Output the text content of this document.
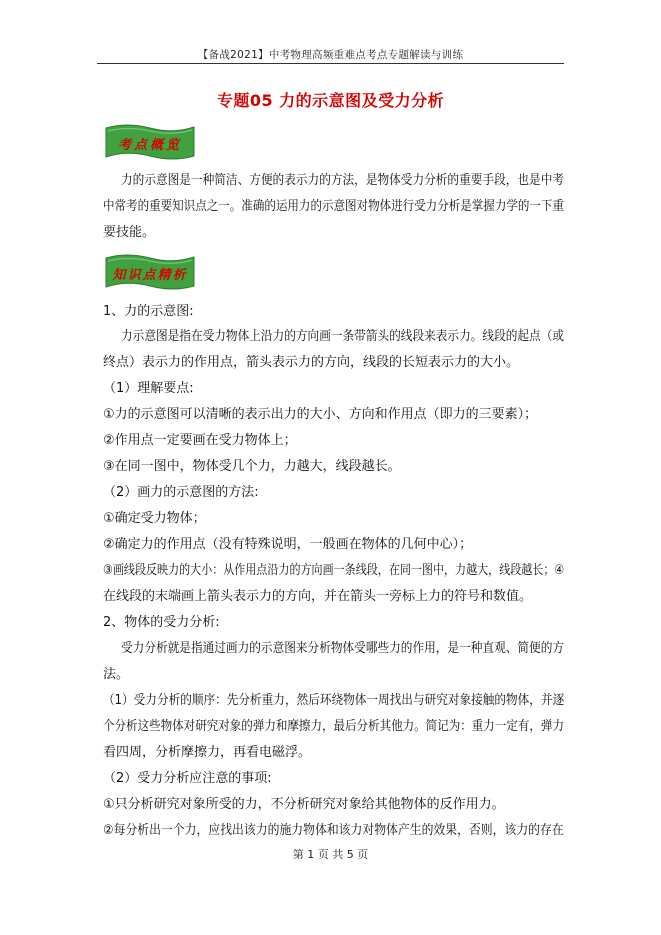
【备战2021】中考物理高频重难点考点专题解读与训练
专题05 力的示意图及受力分析
考点概览
力的示意图是一种简洁、方便的表示力的方法，是物体受力分析的重要手段，也是中考
中常考的重要知识点之一。准确的运用力的示意图对物体进行受力分析是掌握力学的一下重
要技能。
知识点精析
1、力的示意图:
力示意图是指在受力物体上沿力的方向画一条带箭头的线段来表示力。线段的起点（或
终点）表示力的作用点，箭头表示力的方向，线段的长短表示力的大小。
（1）理解要点:
①力的示意图可以清晰的表示出力的大小、方向和作用点（即力的三要素）；
②作用点一定要画在受力物体上；
③在同一图中，物体受几个力，力越大，线段越长。
（2）画力的示意图的方法:
①确定受力物体；
②确定力的作用点（没有特殊说明，一般画在物体的几何中心）；
③画线段反映力的大小：从作用点沿力的方向画一条线段，在同一图中，力越大，线段越长；④
在线段的末端画上箭头表示力的方向，并在箭头一旁标上力的符号和数值。
2、物体的受力分析:
受力分析就是指通过画力的示意图来分析物体受哪些力的作用，是一种直观、简便的方
法。
（1）受力分析的顺序：先分析重力，然后环绕物体一周找出与研究对象接触的物体，并逐
个分析这些物体对研究对象的弹力和摩擦力，最后分析其他力。简记为：重力一定有，弹力
看四周，分析摩擦力，再看电磁浮。
（2）受力分析应注意的事项:
①只分析研究对象所受的力，不分析研究对象给其他物体的反作用力。
②每分析出一个力，应找出该力的施力物体和该力对物体产生的效果，否则，该力的存在
第 1 页 共 5 页
